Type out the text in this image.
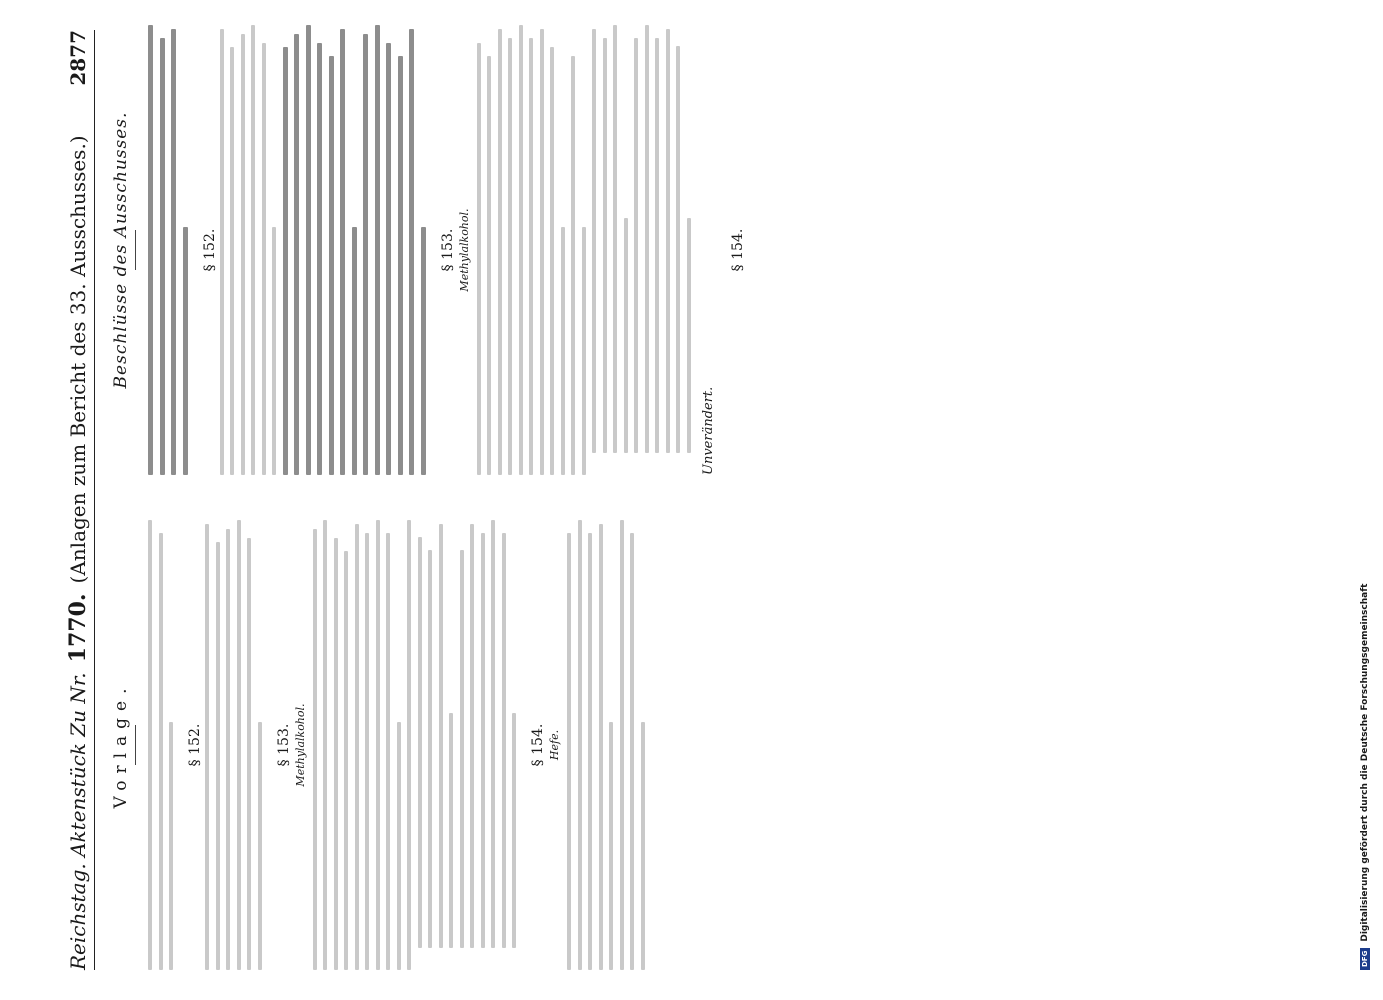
Reichstag. Aktenstück Zu Nr.
1770.
(Anlagen zum Bericht des 33. Ausschusses.)
2877
Vorlage.	§ 152.	§ 153. Methylalkohol.	§ 154. Hefe.
Beschlüsse des Ausschusses.	§ 152.	§ 153. Methylalkohol.
Unverändert.
§ 154.
DFG
Digitalisierung gefördert durch die Deutsche Forschungsgemeinschaft
